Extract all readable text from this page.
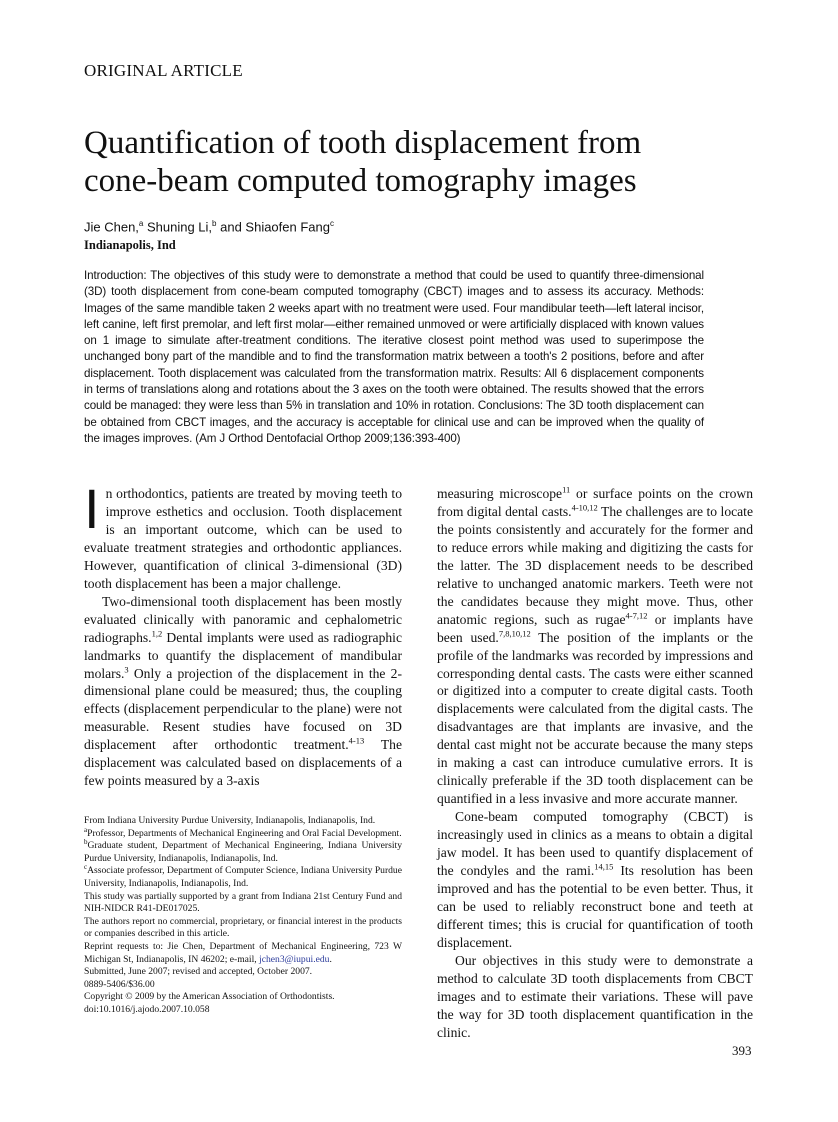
ORIGINAL ARTICLE
Quantification of tooth displacement from
cone-beam computed tomography images
Jie Chen,$^a$ Shuning Li,$^b$ and Shiaofen Fang$^c$
Indianapolis, Ind
Introduction: The objectives of this study were to demonstrate a method that could be used to quantify three-dimensional (3D) tooth displacement from cone-beam computed tomography (CBCT) images and to assess its accuracy. Methods: Images of the same mandible taken 2 weeks apart with no treatment were used. Four mandibular teeth—left lateral incisor, left canine, left first premolar, and left first molar—either remained unmoved or were artificially displaced with known values on 1 image to simulate after-treatment conditions. The iterative closest point method was used to superimpose the unchanged bony part of the mandible and to find the transformation matrix between a tooth's 2 positions, before and after displacement. Tooth displacement was calculated from the transformation matrix. Results: All 6 displacement components in terms of translations along and rotations about the 3 axes on the tooth were obtained. The results showed that the errors could be managed: they were less than 5% in translation and 10% in rotation. Conclusions: The 3D tooth displacement can be obtained from CBCT images, and the accuracy is acceptable for clinical use and can be improved when the quality of the images improves. (Am J Orthod Dentofacial Orthop 2009;136:393-400)

In orthodontics, patients are treated by moving teeth to improve esthetics and occlusion. Tooth displacement is an important outcome, which can be used to evaluate treatment strategies and orthodontic appliances. However, quantification of clinical 3-dimensional (3D) tooth displacement has been a major challenge.

Two-dimensional tooth displacement has been mostly evaluated clinically with panoramic and cephalometric radiographs.$^{1,2}$ Dental implants were used as radiographic landmarks to quantify the displacement of mandibular molars.$^3$ Only a projection of the displacement in the 2-dimensional plane could be measured; thus, the coupling effects (displacement perpendicular to the plane) were not measurable. Resent studies have focused on 3D displacement after orthodontic treatment.$^{4-13}$ The displacement was calculated based on displacements of a few points measured by a 3-axis

measuring microscope$^{11}$ or surface points on the crown from digital dental casts.$^{4-10,12}$ The challenges are to locate the points consistently and accurately for the former and to reduce errors while making and digitizing the casts for the latter. The 3D displacement needs to be described relative to unchanged anatomic markers. Teeth were not the candidates because they might move. Thus, other anatomic regions, such as rugae$^{4-7,12}$ or implants have been used.$^{7,8,10,12}$ The position of the implants or the profile of the landmarks was recorded by impressions and corresponding dental casts. The casts were either scanned or digitized into a computer to create digital casts. Tooth displacements were calculated from the digital casts. The disadvantages are that implants are invasive, and the dental cast might not be accurate because the many steps in making a cast can introduce cumulative errors. It is clinically preferable if the 3D tooth displacement can be quantified in a less invasive and more accurate manner.

Cone-beam computed tomography (CBCT) is increasingly used in clinics as a means to obtain a digital jaw model. It has been used to quantify displacement of the condyles and the rami.$^{14,15}$ Its resolution has been improved and has the potential to be even better. Thus, it can be used to reliably reconstruct bone and teeth at different times; this is crucial for quantification of tooth displacement.

Our objectives in this study were to demonstrate a method to calculate 3D tooth displacements from CBCT images and to estimate their variations. These will pave the way for 3D tooth displacement quantification in the clinic.

From Indiana University Purdue University, Indianapolis, Indianapolis, Ind.
$^a$Professor, Departments of Mechanical Engineering and Oral Facial Development.
$^b$Graduate student, Department of Mechanical Engineering, Indiana University Purdue University, Indianapolis, Indianapolis, Ind.
$^c$Associate professor, Department of Computer Science, Indiana University Purdue University, Indianapolis, Indianapolis, Ind.
This study was partially supported by a grant from Indiana 21st Century Fund and NIH-NIDCR R41-DE017025.
The authors report no commercial, proprietary, or financial interest in the products or companies described in this article.
Reprint requests to: Jie Chen, Department of Mechanical Engineering, 723 W Michigan St, Indianapolis, IN 46202; e-mail, jchen3@iupui.edu.
Submitted, June 2007; revised and accepted, October 2007.
0889-5406/$36.00
Copyright © 2009 by the American Association of Orthodontists.
doi:10.1016/j.ajodo.2007.10.058
393
